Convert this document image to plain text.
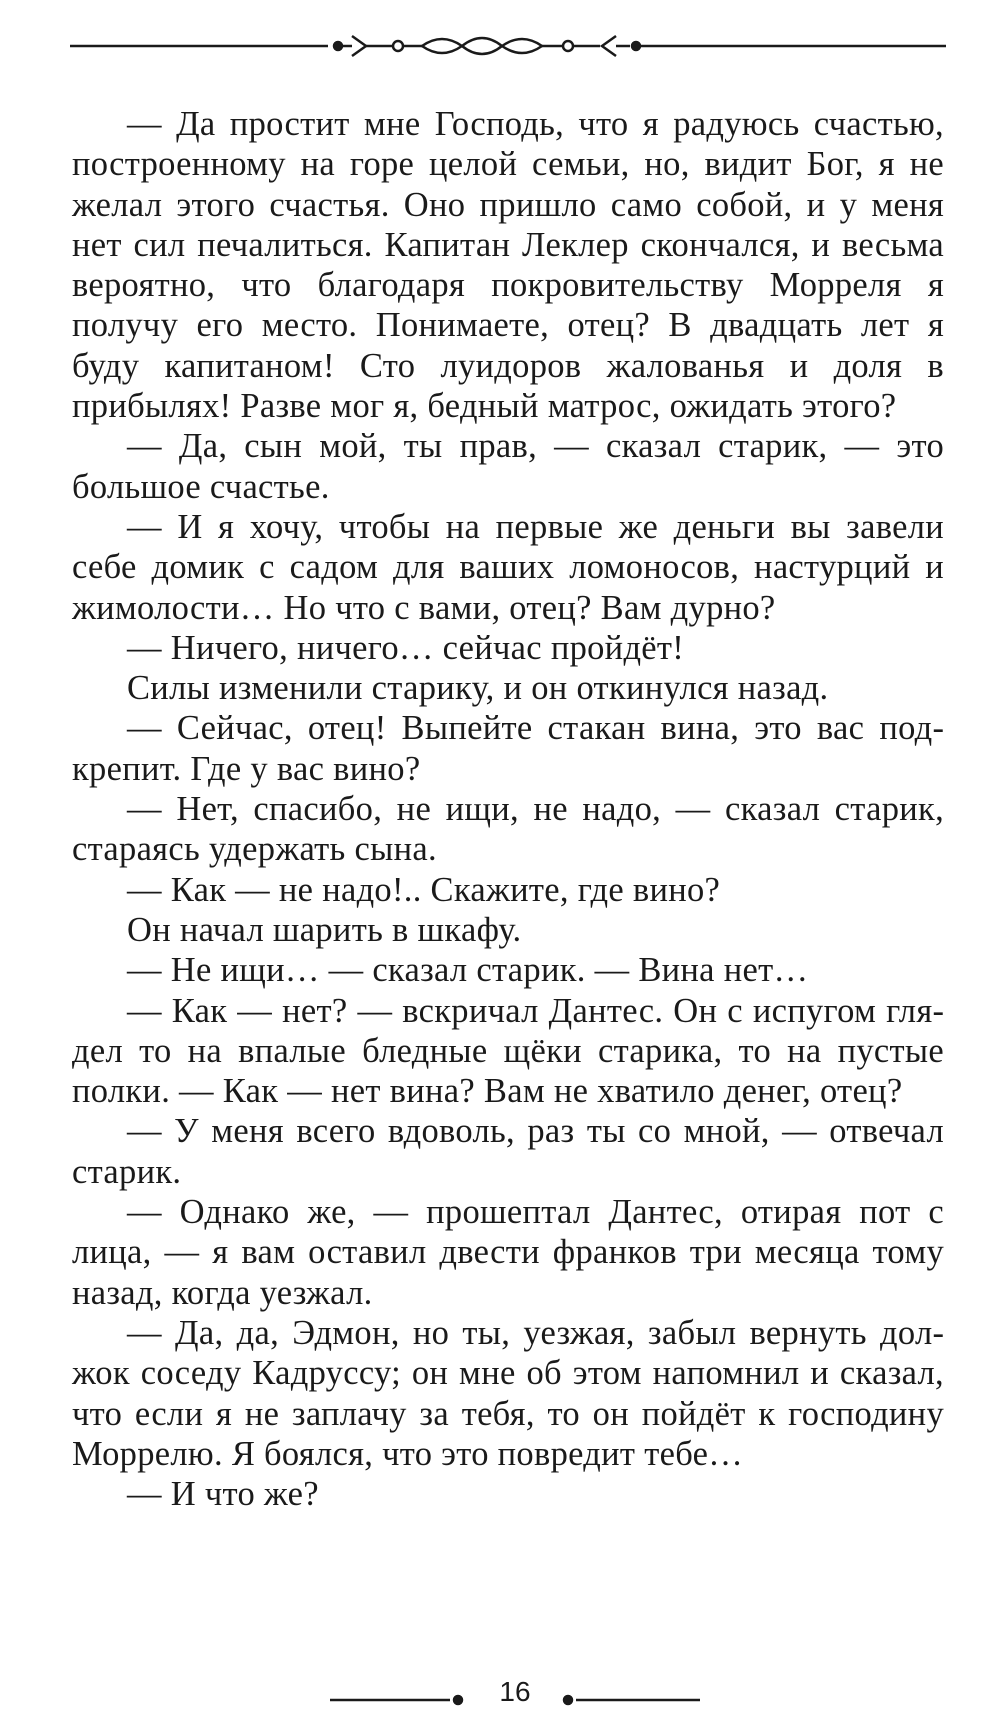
— Да простит мне Господь, что я радуюсь счастью, построенному на горе целой семьи, но, видит Бог, я не желал этого счастья. Оно пришло само собой, и у меня нет сил печалиться. Капитан Леклер скончался, и весьма вероятно, что благодаря покровительству Морреля я получу его место. Понимаете, отец? В двадцать лет я буду капитаном! Сто луидоров жалованья и доля в прибылях! Разве мог я, бедный матрос, ожидать этого?

— Да, сын мой, ты прав, — сказал старик, — это большое счастье.

— И я хочу, чтобы на первые же деньги вы завели себе домик с садом для ваших ломоносов, настурций и жимолости… Но что с вами, отец? Вам дурно?

— Ничего, ничего… сейчас пройдёт!

Силы изменили старику, и он откинулся назад.

— Сейчас, отец! Выпейте стакан вина, это вас подкрепит. Где у вас вино?

— Нет, спасибо, не ищи, не надо, — сказал старик, стараясь удержать сына.

— Как — не надо!.. Скажите, где вино?

Он начал шарить в шкафу.

— Не ищи… — сказал старик. — Вина нет…

— Как — нет? — вскричал Дантес. Он с испугом глядел то на впалые бледные щёки старика, то на пустые полки. — Как — нет вина? Вам не хватило денег, отец?

— У меня всего вдоволь, раз ты со мной, — отвечал старик.

— Однако же, — прошептал Дантес, отирая пот с лица, — я вам оставил двести франков три месяца тому назад, когда уезжал.

— Да, да, Эдмон, но ты, уезжая, забыл вернуть должок соседу Кадруссу; он мне об этом напомнил и сказал, что если я не заплачу за тебя, то он пойдёт к господину Моррелю. Я боялся, что это повредит тебе…

— И что же?

16
